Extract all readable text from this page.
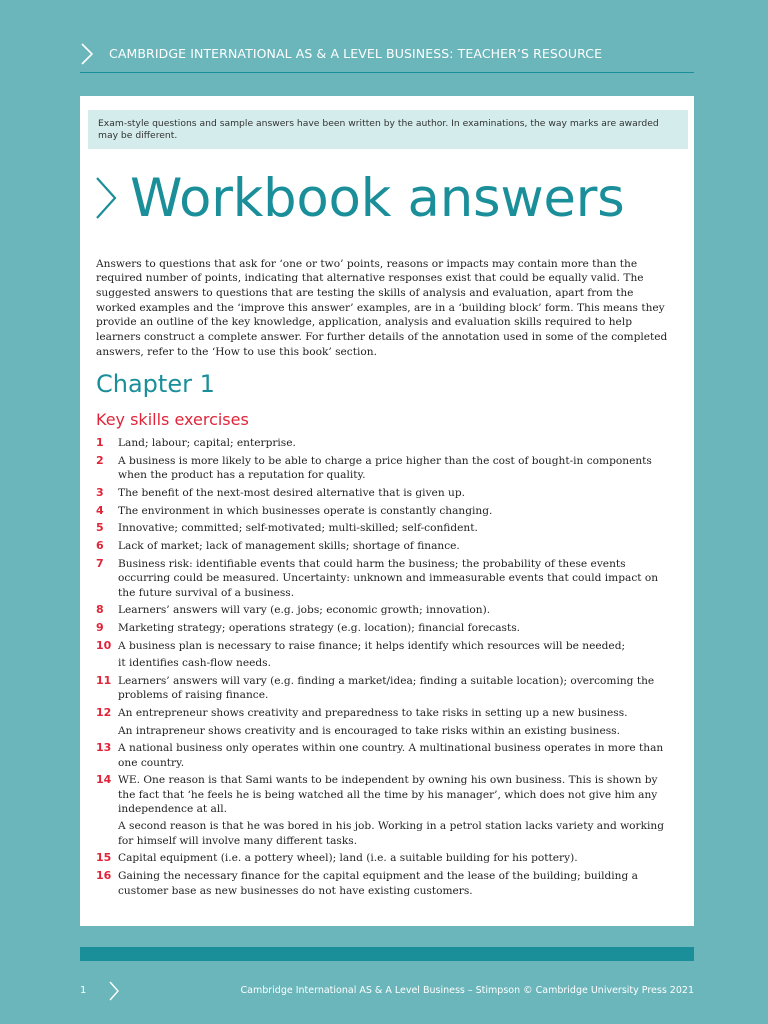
CAMBRIDGE INTERNATIONAL AS & A LEVEL BUSINESS: TEACHER’S RESOURCE
Exam-style questions and sample answers have been written by the author. In examinations, the way marks are awarded may be different.
Workbook answers

Answers to questions that ask for ‘one or two’ points, reasons or impacts may contain more than the required number of points, indicating that alternative responses exist that could be equally valid. The suggested answers to questions that are testing the skills of analysis and evaluation, apart from the worked examples and the ‘improve this answer’ examples, are in a ‘building block’ form. This means they provide an outline of the key knowledge, application, analysis and evaluation skills required to help learners construct a complete answer. For further details of the annotation used in some of the completed answers, refer to the ‘How to use this book’ section.

Chapter 1
Key skills exercises
1 Land; labour; capital; enterprise.
2 A business is more likely to be able to charge a price higher than the cost of bought-in components when the product has a reputation for quality.
3 The benefit of the next-most desired alternative that is given up.
4 The environment in which businesses operate is constantly changing.
5 Innovative; committed; self-motivated; multi-skilled; self-confident.
6 Lack of market; lack of management skills; shortage of finance.
7 Business risk: identifiable events that could harm the business; the probability of these events occurring could be measured. Uncertainty: unknown and immeasurable events that could impact on the future survival of a business.
8 Learners’ answers will vary (e.g. jobs; economic growth; innovation).
9 Marketing strategy; operations strategy (e.g. location); financial forecasts.
10 A business plan is necessary to raise finance; it helps identify which resources will be needed;
it identifies cash-flow needs.
11 Learners’ answers will vary (e.g. finding a market/idea; finding a suitable location); overcoming the problems of raising finance.
12 An entrepreneur shows creativity and preparedness to take risks in setting up a new business.
An intrapreneur shows creativity and is encouraged to take risks within an existing business.
13 A national business only operates within one country. A multinational business operates in more than one country.
14 WE. One reason is that Sami wants to be independent by owning his own business. This is shown by the fact that ‘he feels he is being watched all the time by his manager’, which does not give him any independence at all.
A second reason is that he was bored in his job. Working in a petrol station lacks variety and working for himself will involve many different tasks.
15 Capital equipment (i.e. a pottery wheel); land (i.e. a suitable building for his pottery).
16 Gaining the necessary finance for the capital equipment and the lease of the building; building a customer base as new businesses do not have existing customers.
1	Cambridge International AS & A Level Business – Stimpson © Cambridge University Press 2021
